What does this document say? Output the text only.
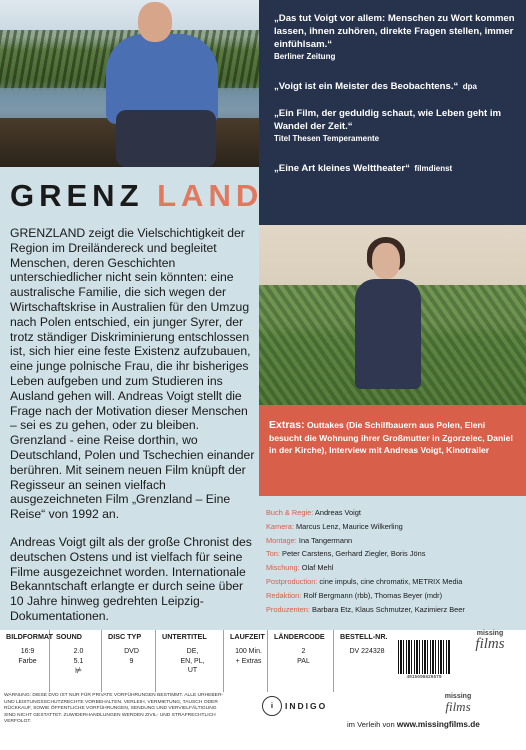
„Das tut Voigt vor allem: Menschen zu Wort kommen lassen, ihnen zuhören, direkte Fragen stellen, immer einfühlsam.“
Berliner Zeitung
„Voigt ist ein Meister des Beobachtens.“ dpa
„Ein Film, der geduldig schaut, wie Leben geht im Wandel der Zeit.“
Titel Thesen Temperamente
„Eine Art kleines Welttheater“ filmdienst
GRENZ LAND

GRENZLAND zeigt die Vielschichtigkeit der Region im Dreiländereck und begleitet Menschen, deren Geschichten unterschiedlicher nicht sein könnten: eine australische Familie, die sich wegen der Wirtschaftskrise in Australien für den Umzug nach Polen entschied, ein junger Syrer, der trotz ständiger Diskriminierung entschlossen ist, sich hier eine feste Existenz aufzubauen, eine junge polnische Frau, die ihr bisheriges Leben aufgeben und zum Studieren ins Ausland gehen will. Andreas Voigt stellt die Frage nach der Motivation dieser Menschen – sei es zu gehen, oder zu bleiben. Grenzland - eine Reise dorthin, wo Deutschland, Polen und Tschechien einander berühren. Mit seinem neuen Film knüpft der Regisseur an seinen vielfach ausgezeichneten Film „Grenzland – Eine Reise“ von 1992 an.

Andreas Voigt gilt als der große Chronist des deutschen Ostens und ist vielfach für seine Filme ausgezeichnet worden. Internationale Bekanntschaft erlangte er durch seine über 10 Jahre hinweg gedrehten Leipzig-Dokumentationen.

Extras: Outtakes (Die Schilfbauern aus Polen, Eleni besucht die Wohnung ihrer Großmutter in Zgorzelec, Daniel in der Kirche), Interview mit Andreas Voigt, Kinotrailer
Buch & Regie: Andreas Voigt
Kamera: Marcus Lenz, Maurice Wilkerling
Montage: Ina Tangermann
Ton: Peter Carstens, Gerhard Ziegler, Boris Jöns
Mischung: Olaf Mehl
Postproduction: cine impuls, cine chromatix, METRIX Media
Redaktion: Rolf Bergmann (rbb), Thomas Beyer (mdr)
Produzenten: Barbara Etz, Klaus Schmutzer, Kazimierz Beer
BILDFORMAT
16:9
Farbe
SOUND
2.0
5.1
⊭
DISC TYP
DVD
9
UNTERTITEL
DE,
EN, PL,
UT
LAUFZEIT
100 Min.
+ Extras
LÄNDERCODE
2
PAL
BESTELL-NR.
DV 224328
missing
films
4015698826579
WARNUNG: DIESE DVD IST NUR FÜR PRIVATE VORFÜHRUNGEN BESTIMMT. ALLE URHEBER- UND LEISTUNGSSCHUTZRECHTE VORBEHALTEN. VERLEIH, VERMIETUNG, TAUSCH ODER RÜCKKAUF, SOWIE ÖFFENTLICHE VORFÜHRUNGEN, SENDUNG UND VERVIELFÄLTIGUNG SIND NICHT GESTATTET. ZUWIDERHANDLUNGEN WERDEN ZIVIL- UND STRAFRECHTLICH VERFOLGT.
i	INDIGO
missing
films
im Verleih von www.missingfilms.de
